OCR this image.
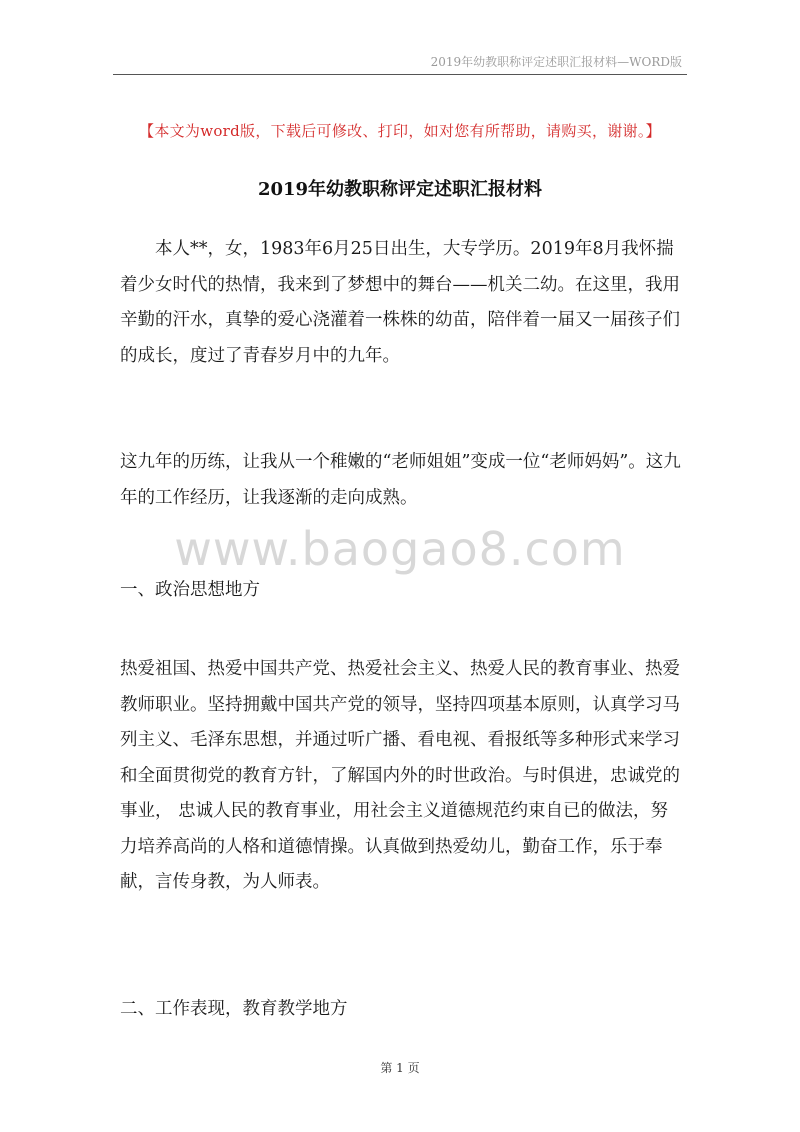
2019年幼教职称评定述职汇报材料—WORD版
【本文为word版，下载后可修改、打印，如对您有所帮助，请购买，谢谢。】
2019年幼教职称评定述职汇报材料

本人**，女，1983年6月25日出生，大专学历。2019年8月我怀揣着少女时代的热情，我来到了梦想中的舞台——机关二幼。在这里，我用辛勤的汗水，真挚的爱心浇灌着一株株的幼苗，陪伴着一届又一届孩子们的成长，度过了青春岁月中的九年。

这九年的历练，让我从一个稚嫩的“老师姐姐”变成一位“老师妈妈”。这九年的工作经历，让我逐渐的走向成熟。

www.baogao8.com

一、政治思想地方

热爱祖国、热爱中国共产党、热爱社会主义、热爱人民的教育事业、热爱教师职业。坚持拥戴中国共产党的领导，坚持四项基本原则，认真学习马列主义、毛泽东思想，并通过听广播、看电视、看报纸等多种形式来学习和全面贯彻党的教育方针，了解国内外的时世政治。与时俱进，忠诚党的事业， 忠诚人民的教育事业，用社会主义道德规范约束自已的做法，努力培养高尚的人格和道德情操。认真做到热爱幼儿，勤奋工作，乐于奉献，言传身教，为人师表。

二、工作表现，教育教学地方

第 1 页
